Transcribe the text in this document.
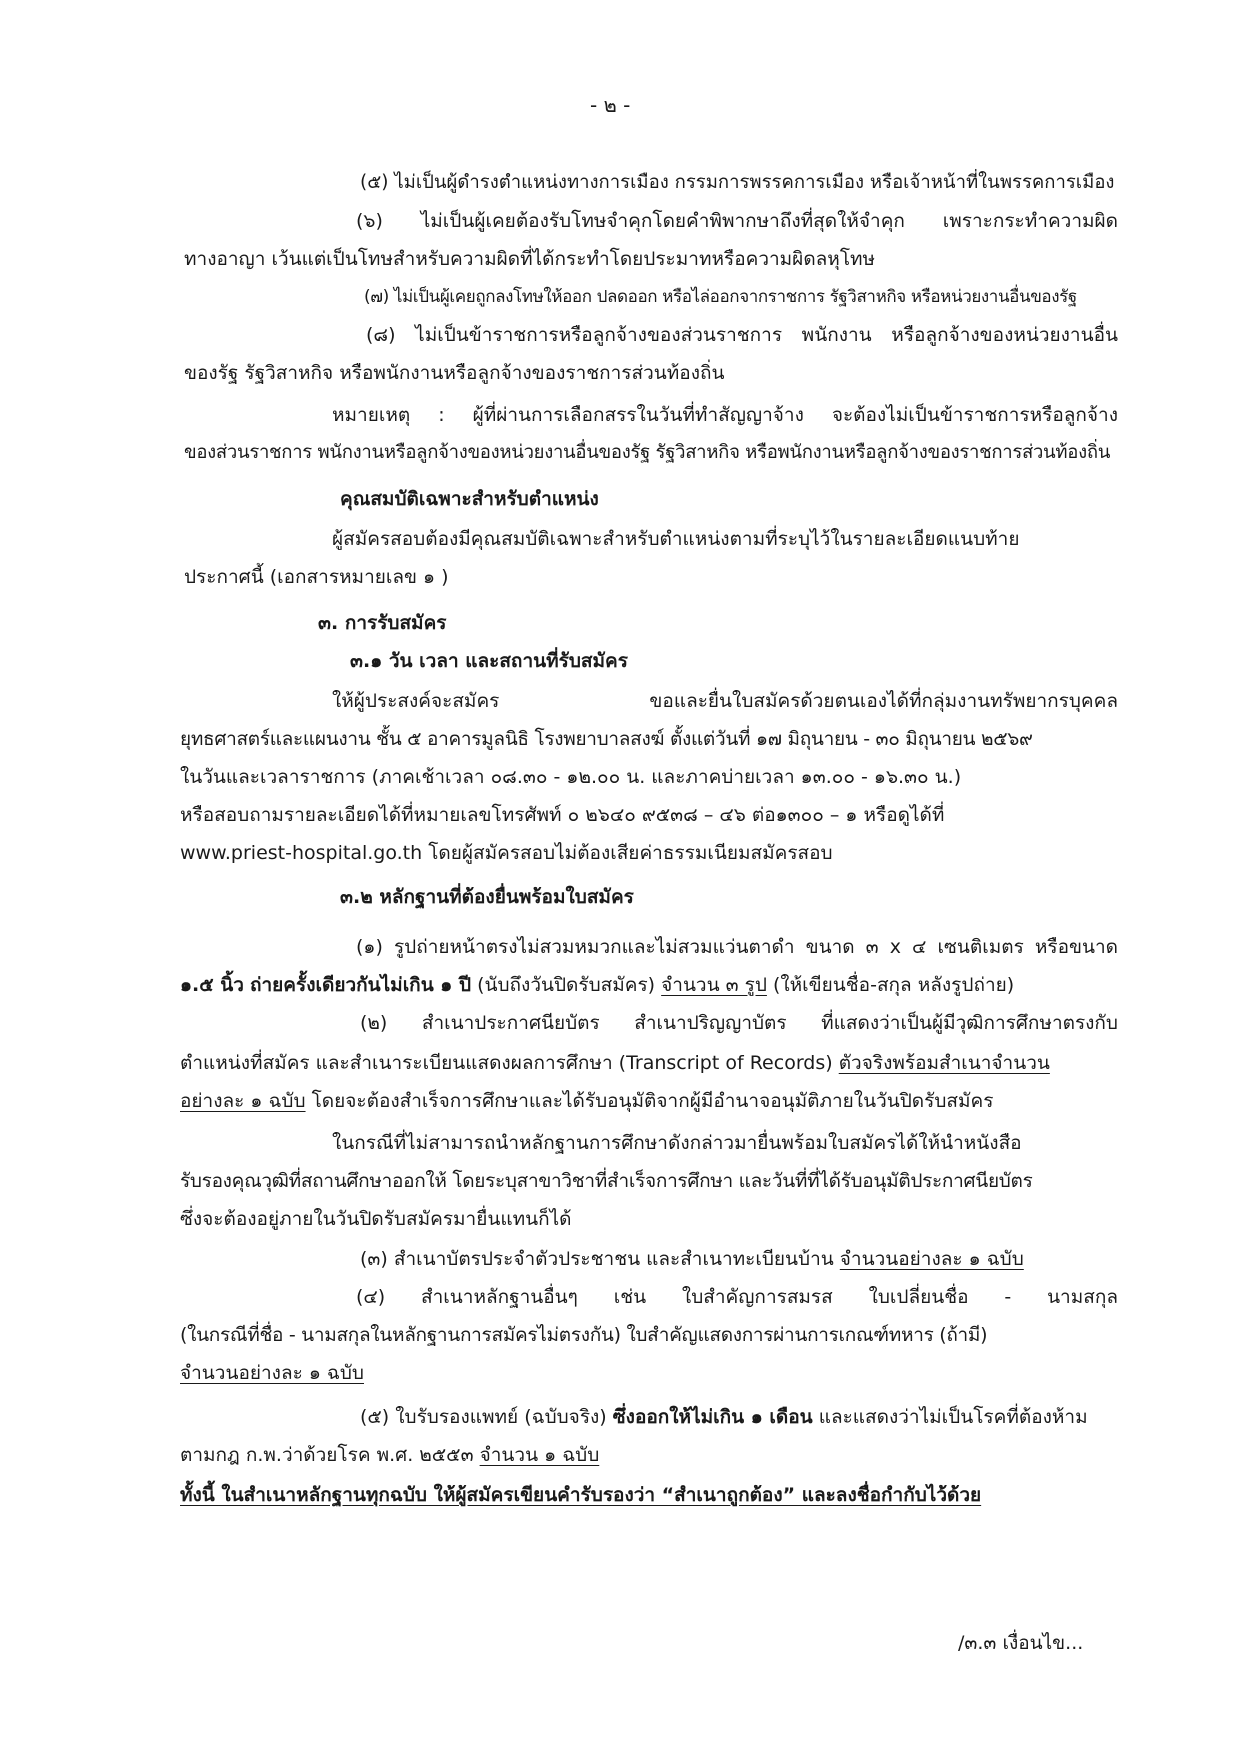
- ๒ -
(๕) ไม่เป็นผู้ดำรงตำแหน่งทางการเมือง กรรมการพรรคการเมือง หรือเจ้าหน้าที่ในพรรคการเมือง
(๖) ไม่เป็นผู้เคยต้องรับโทษจำคุกโดยคำพิพากษาถึงที่สุดให้จำคุก เพราะกระทำความผิด
ทางอาญา เว้นแต่เป็นโทษสำหรับความผิดที่ได้กระทำโดยประมาทหรือความผิดลหุโทษ
(๗) ไม่เป็นผู้เคยถูกลงโทษให้ออก ปลดออก หรือไล่ออกจากราชการ รัฐวิสาหกิจ หรือหน่วยงานอื่นของรัฐ
(๘) ไม่เป็นข้าราชการหรือลูกจ้างของส่วนราชการ พนักงาน หรือลูกจ้างของหน่วยงานอื่น
ของรัฐ รัฐวิสาหกิจ หรือพนักงานหรือลูกจ้างของราชการส่วนท้องถิ่น
หมายเหตุ : ผู้ที่ผ่านการเลือกสรรในวันที่ทำสัญญาจ้าง จะต้องไม่เป็นข้าราชการหรือลูกจ้าง
ของส่วนราชการ พนักงานหรือลูกจ้างของหน่วยงานอื่นของรัฐ รัฐวิสาหกิจ หรือพนักงานหรือลูกจ้างของราชการส่วนท้องถิ่น
คุณสมบัติเฉพาะสำหรับตำแหน่ง
ผู้สมัครสอบต้องมีคุณสมบัติเฉพาะสำหรับตำแหน่งตามที่ระบุไว้ในรายละเอียดแนบท้าย
ประกาศนี้ (เอกสารหมายเลข ๑ )
๓. การรับสมัคร
๓.๑ วัน เวลา และสถานที่รับสมัคร
ให้ผู้ประสงค์จะสมัคร ขอและยื่นใบสมัครด้วยตนเองได้ที่กลุ่มงานทรัพยากรบุคคล
ยุทธศาสตร์และแผนงาน ชั้น ๕ อาคารมูลนิธิ โรงพยาบาลสงฆ์ ตั้งแต่วันที่ ๑๗ มิถุนายน - ๓๐ มิถุนายน ๒๕๖๙
ในวันและเวลาราชการ (ภาคเช้าเวลา ๐๘.๓๐ - ๑๒.๐๐ น. และภาคบ่ายเวลา ๑๓.๐๐ - ๑๖.๓๐ น.)
หรือสอบถามรายละเอียดได้ที่หมายเลขโทรศัพท์ ๐ ๒๖๔๐ ๙๕๓๘ – ๔๖ ต่อ๑๓๐๐ – ๑ หรือดูได้ที่
www.priest-hospital.go.th โดยผู้สมัครสอบไม่ต้องเสียค่าธรรมเนียมสมัครสอบ
๓.๒ หลักฐานที่ต้องยื่นพร้อมใบสมัคร
(๑) รูปถ่ายหน้าตรงไม่สวมหมวกและไม่สวมแว่นตาดำ ขนาด ๓ x ๔ เซนติเมตร หรือขนาด
๑.๕ นิ้ว ถ่ายครั้งเดียวกันไม่เกิน ๑ ปี (นับถึงวันปิดรับสมัคร) จำนวน ๓ รูป (ให้เขียนชื่อ-สกุล หลังรูปถ่าย)
(๒) สำเนาประกาศนียบัตร สำเนาปริญญาบัตร ที่แสดงว่าเป็นผู้มีวุฒิการศึกษาตรงกับ
ตำแหน่งที่สมัคร และสำเนาระเบียนแสดงผลการศึกษา (Transcript of Records) ตัวจริงพร้อมสำเนาจำนวน
อย่างละ ๑ ฉบับ โดยจะต้องสำเร็จการศึกษาและได้รับอนุมัติจากผู้มีอำนาจอนุมัติภายในวันปิดรับสมัคร
ในกรณีที่ไม่สามารถนำหลักฐานการศึกษาดังกล่าวมายื่นพร้อมใบสมัครได้ให้นำหนังสือ
รับรองคุณวุฒิที่สถานศึกษาออกให้ โดยระบุสาขาวิชาที่สำเร็จการศึกษา และวันที่ที่ได้รับอนุมัติประกาศนียบัตร
ซึ่งจะต้องอยู่ภายในวันปิดรับสมัครมายื่นแทนก็ได้
(๓) สำเนาบัตรประจำตัวประชาชน และสำเนาทะเบียนบ้าน จำนวนอย่างละ ๑ ฉบับ
(๔) สำเนาหลักฐานอื่นๆ เช่น ใบสำคัญการสมรส ใบเปลี่ยนชื่อ - นามสกุล
(ในกรณีที่ชื่อ - นามสกุลในหลักฐานการสมัครไม่ตรงกัน) ใบสำคัญแสดงการผ่านการเกณฑ์ทหาร (ถ้ามี)
จำนวนอย่างละ ๑ ฉบับ
(๕) ใบรับรองแพทย์ (ฉบับจริง) ซึ่งออกให้ไม่เกิน ๑ เดือน และแสดงว่าไม่เป็นโรคที่ต้องห้าม
ตามกฎ ก.พ.ว่าด้วยโรค พ.ศ. ๒๕๕๓ จำนวน ๑ ฉบับ
ทั้งนี้ ในสำเนาหลักฐานทุกฉบับ ให้ผู้สมัครเขียนคำรับรองว่า “สำเนาถูกต้อง” และลงชื่อกำกับไว้ด้วย
/๓.๓ เงื่อนไข...
